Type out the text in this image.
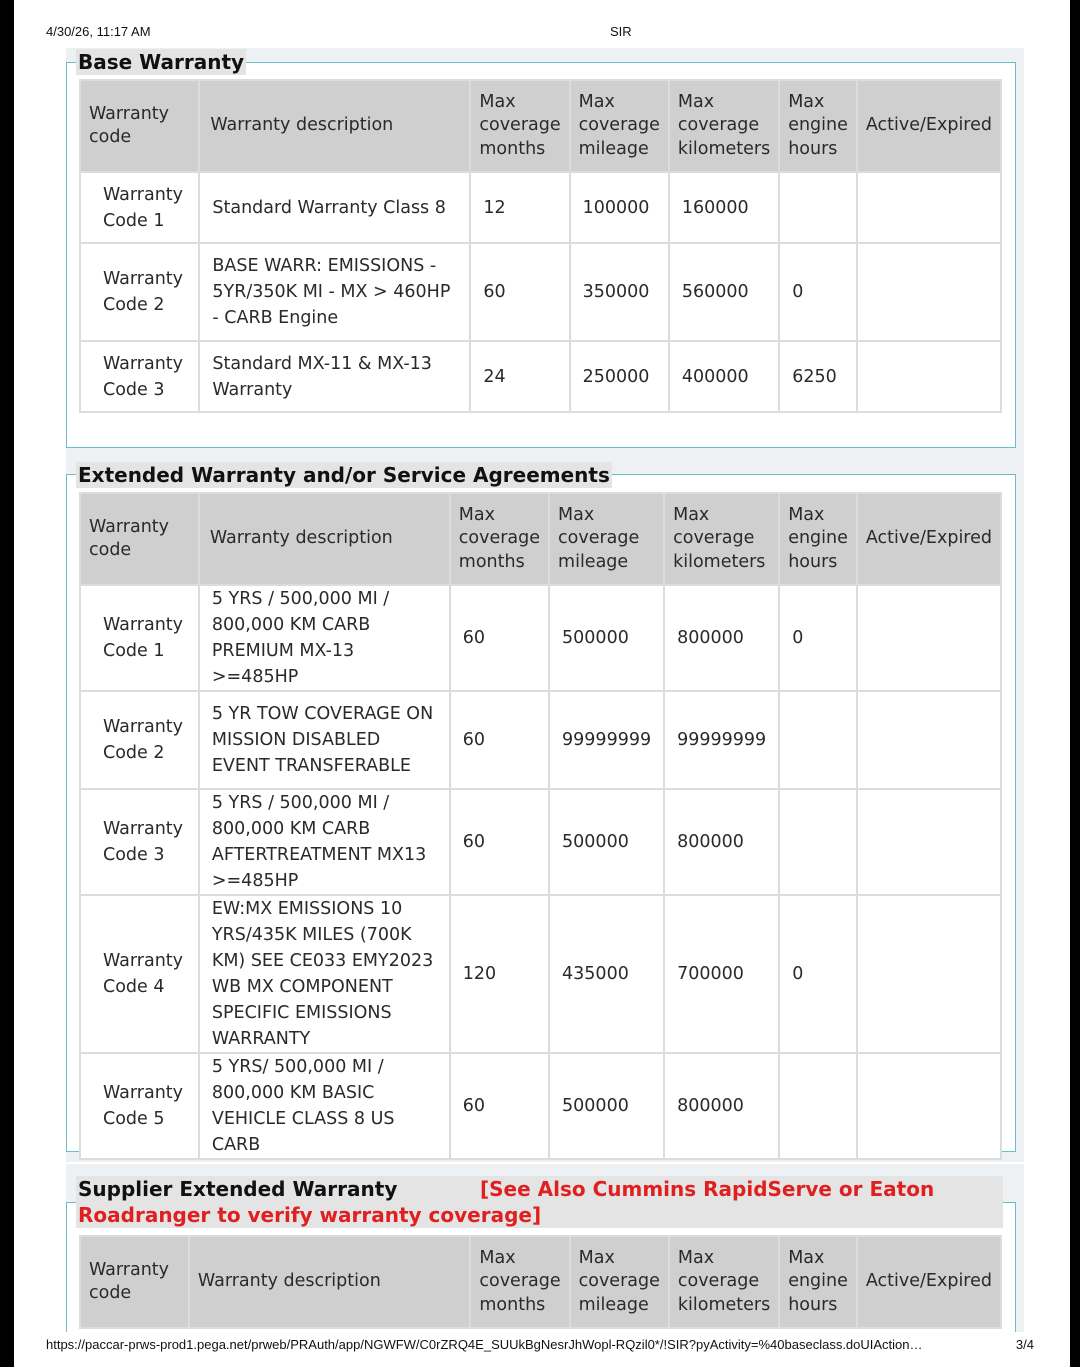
4/30/26, 11:17 AM	SIR
Base Warranty
Warranty code	Warranty description	Max coverage months	Max coverage mileage	Max coverage kilometers	Max engine hours	Active/Expired
Warranty Code 1	Standard Warranty Class 8	12	100000	160000		
Warranty Code 2	BASE WARR: EMISSIONS - 5YR/350K MI - MX > 460HP - CARB Engine	60	350000	560000	0	
Warranty Code 3	Standard MX-11 & MX-13 Warranty	24	250000	400000	6250	
Extended Warranty and/or Service Agreements
Warranty code	Warranty description	Max coverage months	Max coverage mileage	Max coverage kilometers	Max engine hours	Active/Expired
Warranty Code 1	5 YRS / 500,000 MI / 800,000 KM CARB PREMIUM MX-13 >=485HP	60	500000	800000	0	
Warranty Code 2	5 YR TOW COVERAGE ON MISSION DISABLED EVENT TRANSFERABLE	60	99999999	99999999		
Warranty Code 3	5 YRS / 500,000 MI / 800,000 KM CARB AFTERTREATMENT MX13 >=485HP	60	500000	800000		
Warranty Code 4	EW:MX EMISSIONS 10 YRS/435K MILES (700K KM) SEE CE033 EMY2023 WB MX COMPONENT SPECIFIC EMISSIONS WARRANTY	120	435000	700000	0	
Warranty Code 5	5 YRS/ 500,000 MI / 800,000 KM BASIC VEHICLE CLASS 8 US CARB	60	500000	800000		
Supplier Extended Warranty	[See Also Cummins RapidServe or Eaton Roadranger to verify warranty coverage]
Warranty code	Warranty description	Max coverage months	Max coverage mileage	Max coverage kilometers	Max engine hours	Active/Expired
https://paccar-prws-prod1.pega.net/prweb/PRAuth/app/NGWFW/C0rZRQ4E_SUUkBgNesrJhWopl-RQzil0*/!SIR?pyActivity=%40baseclass.doUIAction…	3/4
